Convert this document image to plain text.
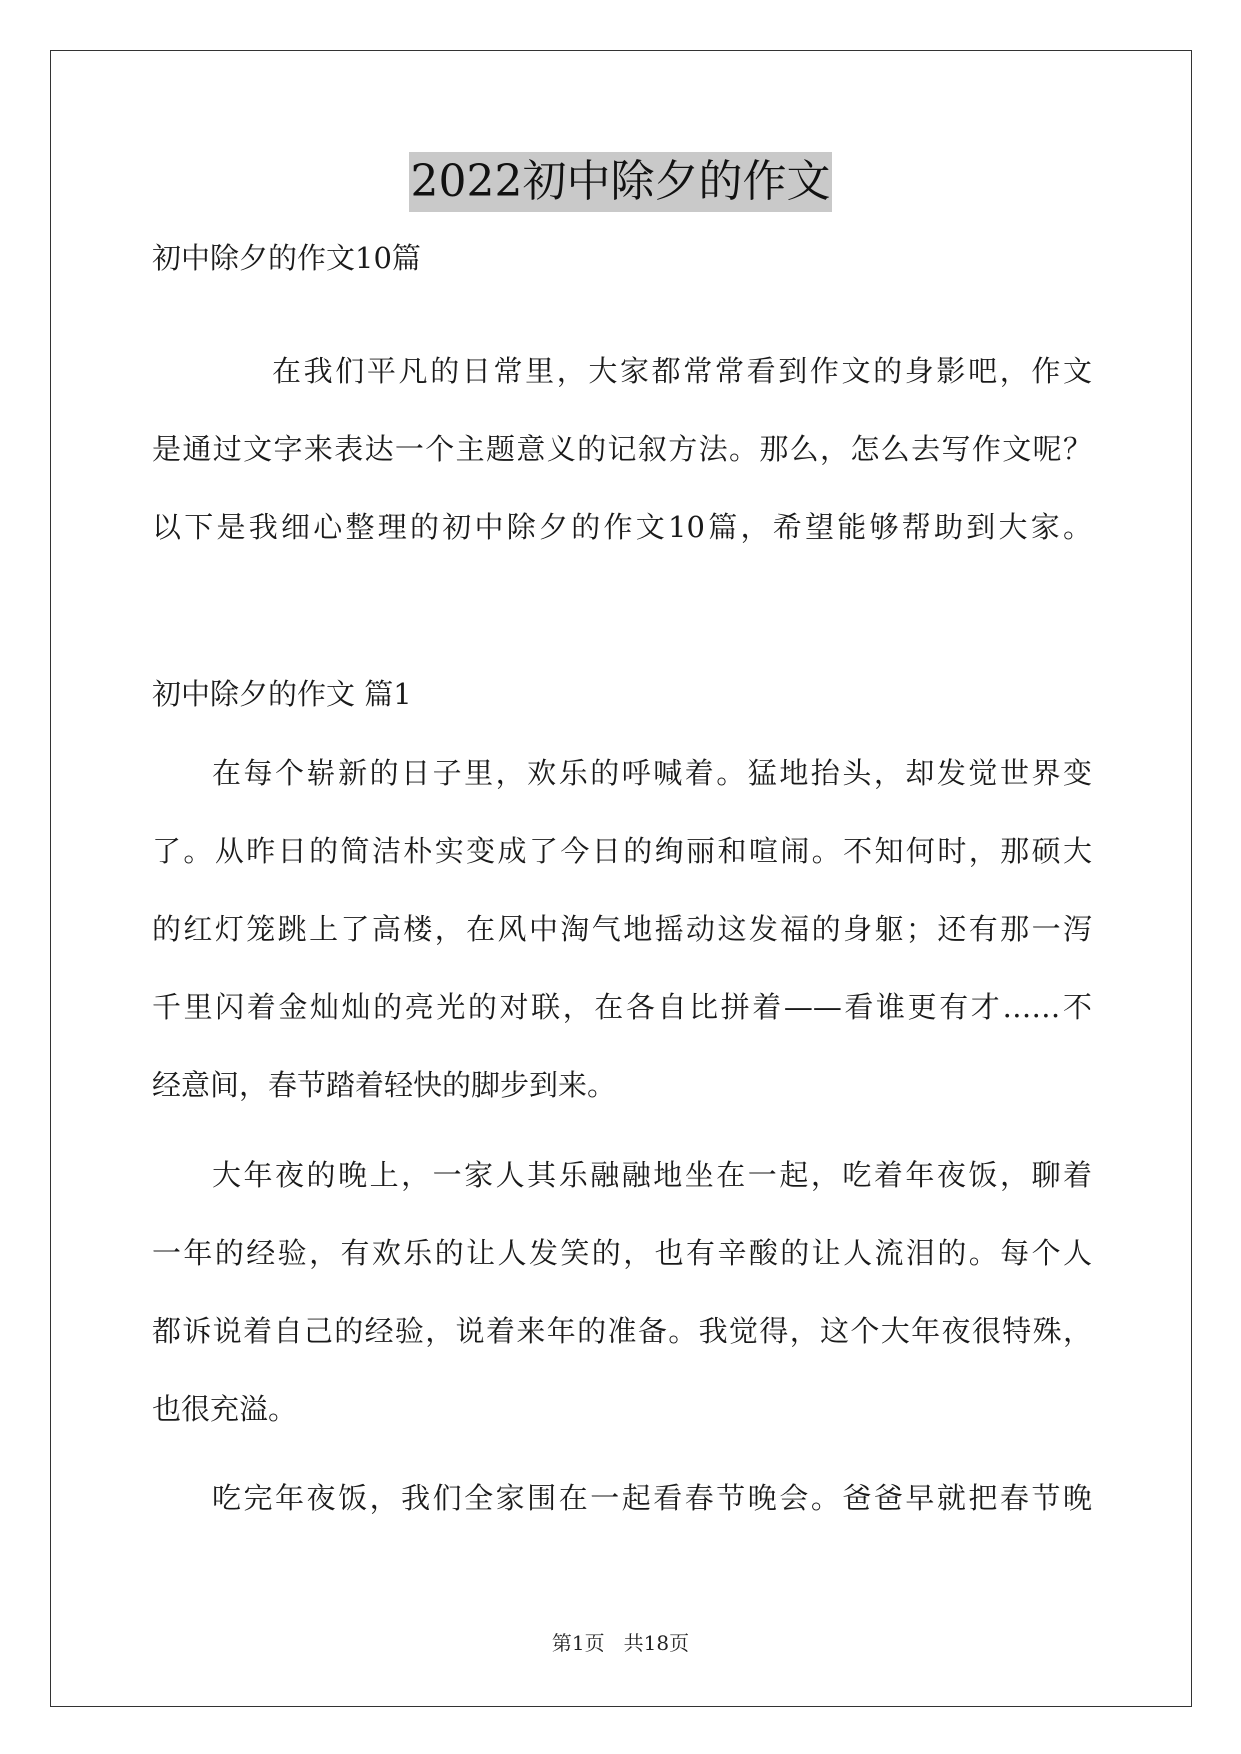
2022初中除夕的作文
初中除夕的作文10篇
在我们平凡的日常里，大家都常常看到作文的身影吧，作文
是通过文字来表达一个主题意义的记叙方法。那么，怎么去写作文呢？
以下是我细心整理的初中除夕的作文10篇，希望能够帮助到大家。
初中除夕的作文 篇1
在每个崭新的日子里，欢乐的呼喊着。猛地抬头，却发觉世界变
了。从昨日的简洁朴实变成了今日的绚丽和喧闹。不知何时，那硕大
的红灯笼跳上了高楼，在风中淘气地摇动这发福的身躯；还有那一泻
千里闪着金灿灿的亮光的对联，在各自比拼着——看谁更有才……不
经意间，春节踏着轻快的脚步到来。
大年夜的晚上，一家人其乐融融地坐在一起，吃着年夜饭，聊着
一年的经验，有欢乐的让人发笑的，也有辛酸的让人流泪的。每个人
都诉说着自己的经验，说着来年的准备。我觉得，这个大年夜很特殊，
也很充溢。
吃完年夜饭，我们全家围在一起看春节晚会。爸爸早就把春节晚
第1页 共18页
